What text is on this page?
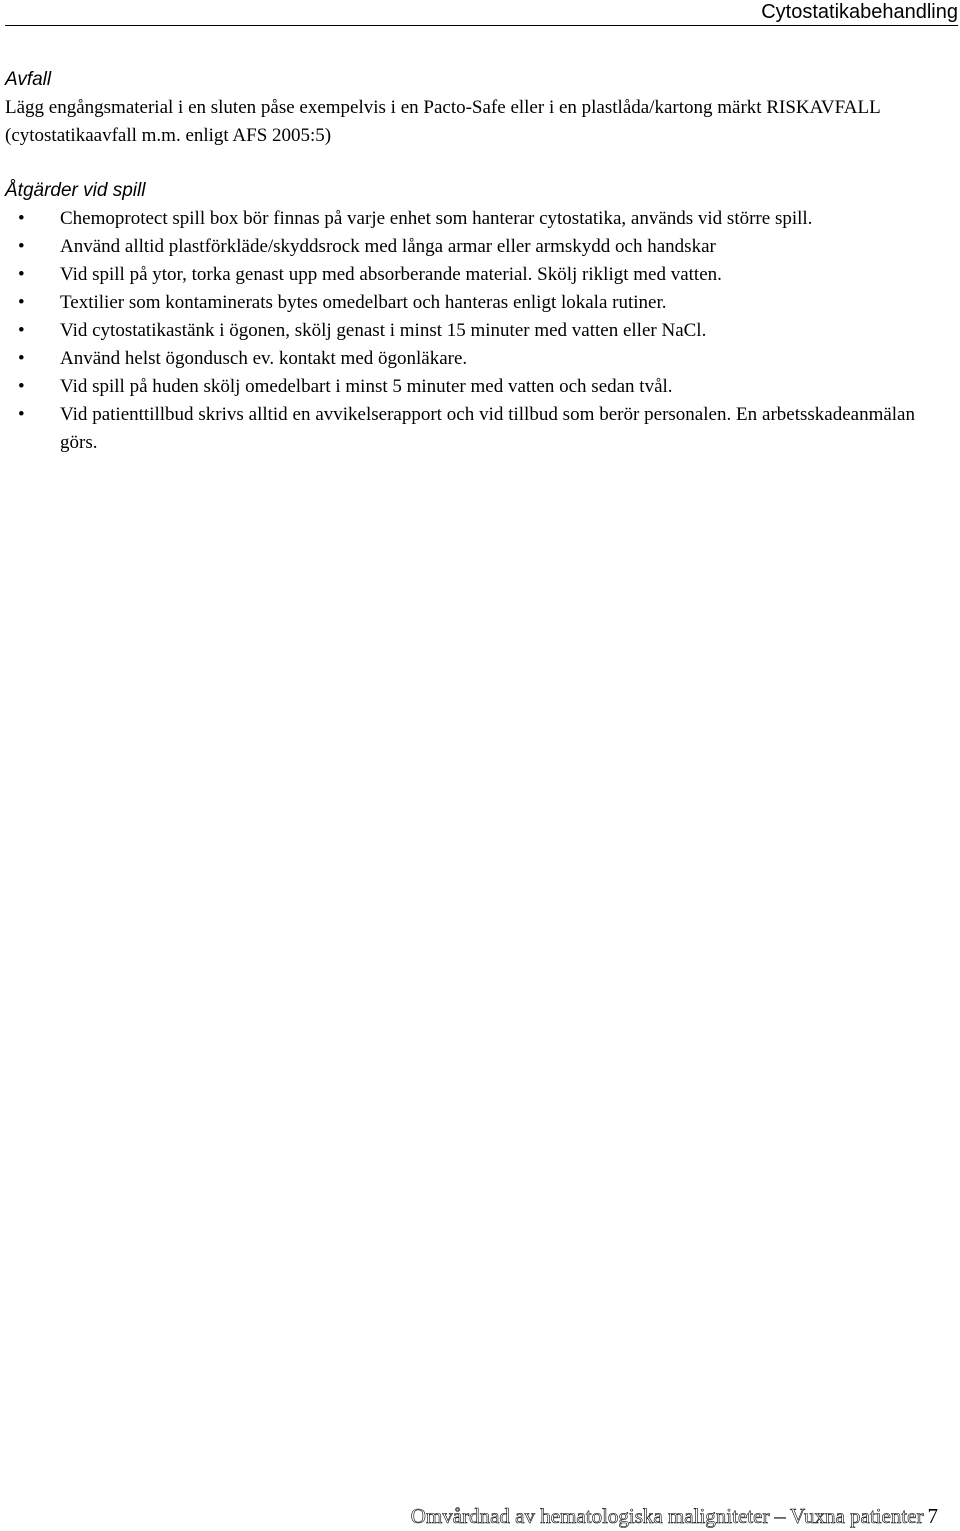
Cytostatikabehandling
Avfall

Lägg engångsmaterial i en sluten påse exempelvis i en Pacto-Safe eller i en plastlåda/kartong märkt RISKAVFALL (cytostatikaavfall m.m. enligt AFS 2005:5)

Åtgärder vid spill
• Chemoprotect spill box bör finnas på varje enhet som hanterar cytostatika, används vid större spill.
• Använd alltid plastförkläde/skyddsrock med långa armar eller armskydd och handskar
• Vid spill på ytor, torka genast upp med absorberande material. Skölj rikligt med vatten.
• Textilier som kontaminerats bytes omedelbart och hanteras enligt lokala rutiner.
• Vid cytostatikastänk i ögonen, skölj genast i minst 15 minuter med vatten eller NaCl.
• Använd helst ögondusch ev. kontakt med ögonläkare.
• Vid spill på huden skölj omedelbart i minst 5 minuter med vatten och sedan tvål.
• Vid patienttillbud skrivs alltid en avvikelserapport och vid tillbud som berör personalen. En arbetsskadeanmälan görs.
Omvårdnad av hematologiska maligniteter – Vuxna patienter 7
